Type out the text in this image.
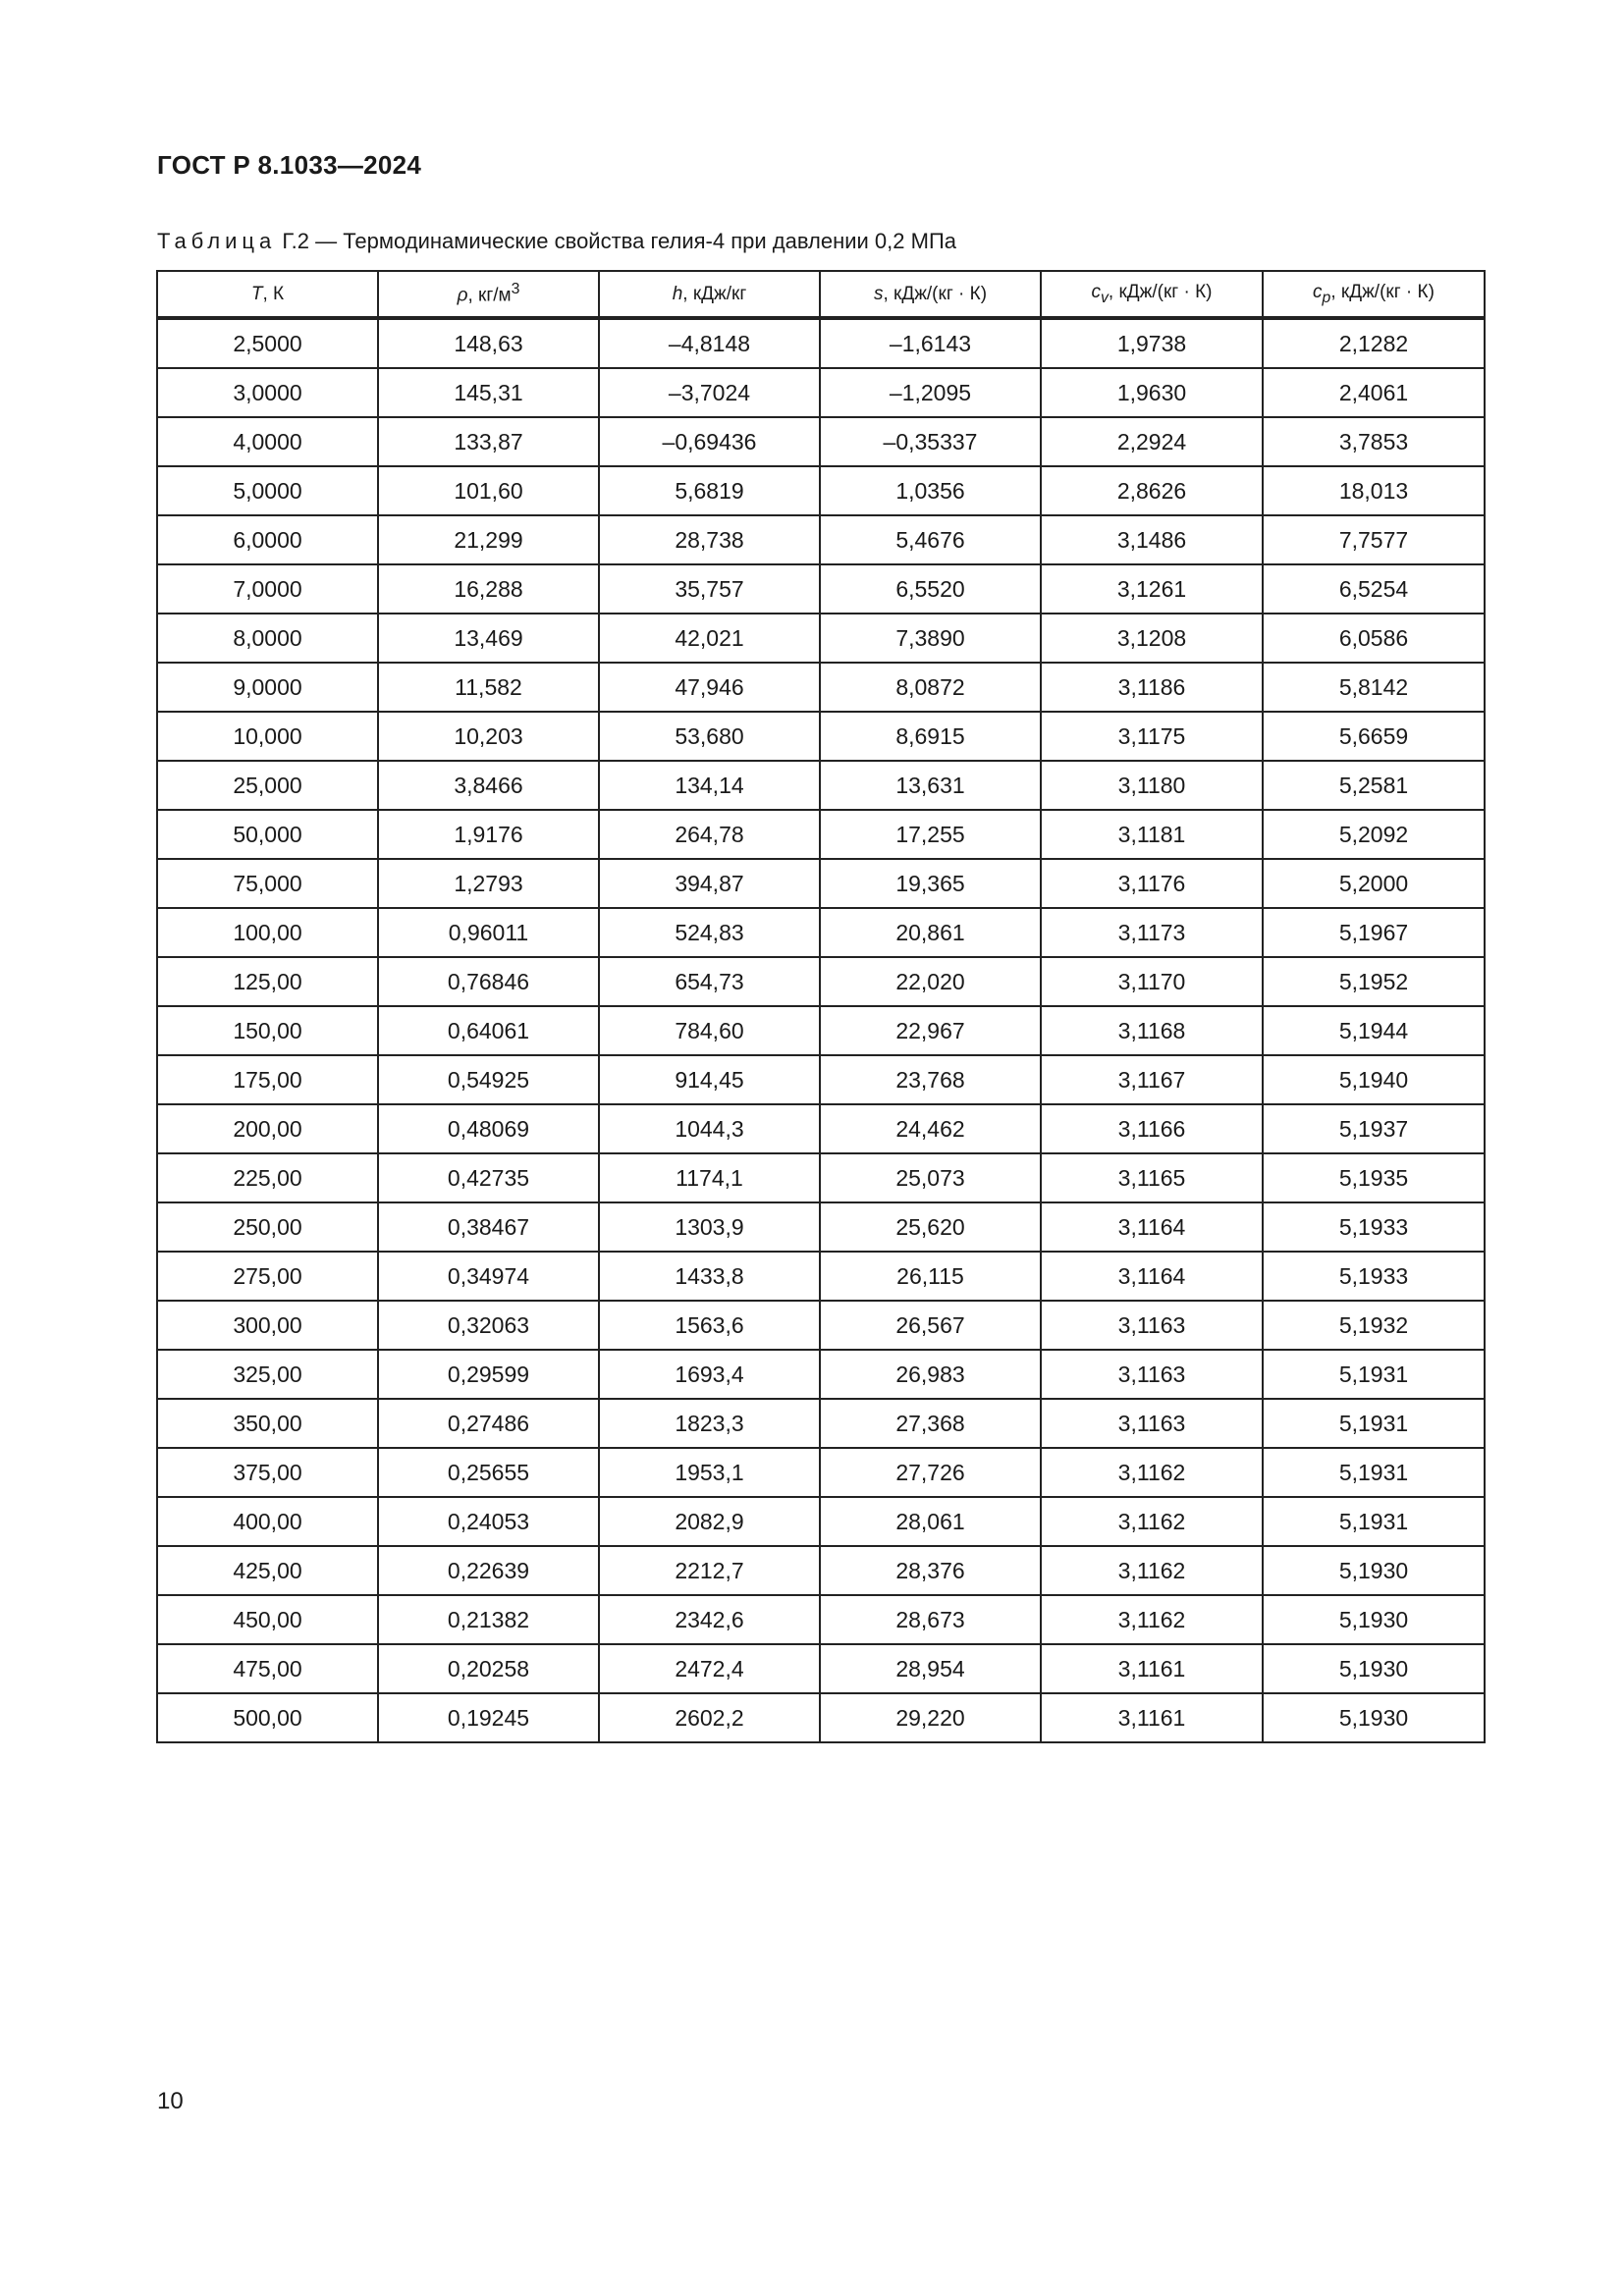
ГОСТ Р 8.1033—2024
Таблица Г.2 — Термодинамические свойства гелия-4 при давлении 0,2 МПа
T, К	ρ, $кг/м^3$	h, кДж/кг	s, кДж/(кг · К)	$c_v$, кДж/(кг · К)	$c_p$, кДж/(кг · К)
2,5000	148,63	–4,8148	–1,6143	1,9738	2,1282
3,0000	145,31	–3,7024	–1,2095	1,9630	2,4061
4,0000	133,87	–0,69436	–0,35337	2,2924	3,7853
5,0000	101,60	5,6819	1,0356	2,8626	18,013
6,0000	21,299	28,738	5,4676	3,1486	7,7577
7,0000	16,288	35,757	6,5520	3,1261	6,5254
8,0000	13,469	42,021	7,3890	3,1208	6,0586
9,0000	11,582	47,946	8,0872	3,1186	5,8142
10,000	10,203	53,680	8,6915	3,1175	5,6659
25,000	3,8466	134,14	13,631	3,1180	5,2581
50,000	1,9176	264,78	17,255	3,1181	5,2092
75,000	1,2793	394,87	19,365	3,1176	5,2000
100,00	0,96011	524,83	20,861	3,1173	5,1967
125,00	0,76846	654,73	22,020	3,1170	5,1952
150,00	0,64061	784,60	22,967	3,1168	5,1944
175,00	0,54925	914,45	23,768	3,1167	5,1940
200,00	0,48069	1044,3	24,462	3,1166	5,1937
225,00	0,42735	1174,1	25,073	3,1165	5,1935
250,00	0,38467	1303,9	25,620	3,1164	5,1933
275,00	0,34974	1433,8	26,115	3,1164	5,1933
300,00	0,32063	1563,6	26,567	3,1163	5,1932
325,00	0,29599	1693,4	26,983	3,1163	5,1931
350,00	0,27486	1823,3	27,368	3,1163	5,1931
375,00	0,25655	1953,1	27,726	3,1162	5,1931
400,00	0,24053	2082,9	28,061	3,1162	5,1931
425,00	0,22639	2212,7	28,376	3,1162	5,1930
450,00	0,21382	2342,6	28,673	3,1162	5,1930
475,00	0,20258	2472,4	28,954	3,1161	5,1930
500,00	0,19245	2602,2	29,220	3,1161	5,1930
10
